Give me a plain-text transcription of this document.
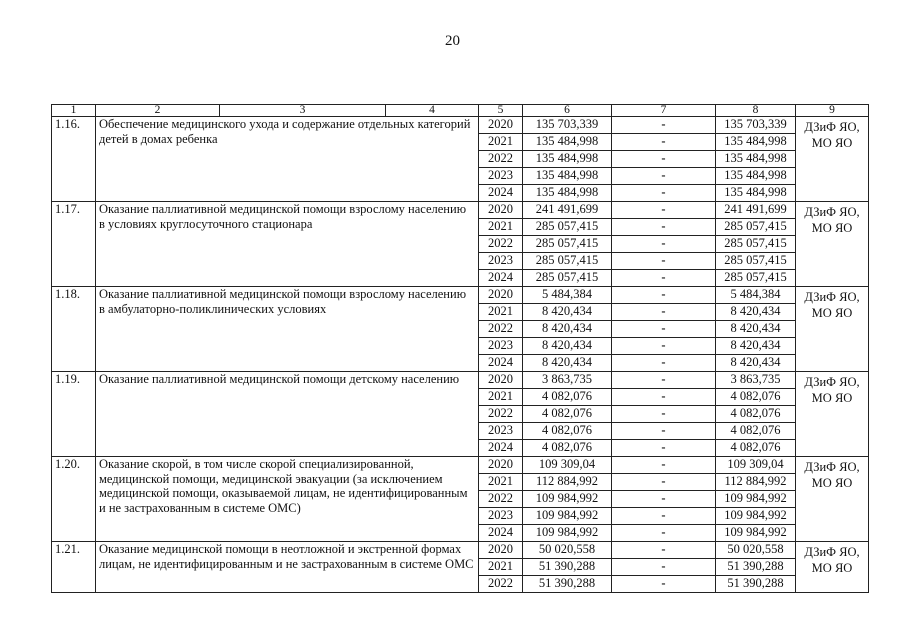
20
1	2	3	4	5	6	7	8	9
1.16.	Обеспечение медицинского ухода и содержание отдельных категорий детей в домах ребенка			2020	135 703,339	-	135 703,339	ДЗиФ ЯО, МО ЯО
				2021	135 484,998	-	135 484,998	
				2022	135 484,998	-	135 484,998	
				2023	135 484,998	-	135 484,998	
				2024	135 484,998	-	135 484,998	
1.17.	Оказание паллиативной медицинской помощи взрослому населению в условиях круглосуточного стационара			2020	241 491,699	-	241 491,699	ДЗиФ ЯО, МО ЯО
				2021	285 057,415	-	285 057,415	
				2022	285 057,415	-	285 057,415	
				2023	285 057,415	-	285 057,415	
				2024	285 057,415	-	285 057,415	
1.18.	Оказание паллиативной медицинской помощи взрослому населению в амбулаторно-поликлинических условиях			2020	5 484,384	-	5 484,384	ДЗиФ ЯО, МО ЯО
				2021	8 420,434	-	8 420,434	
				2022	8 420,434	-	8 420,434	
				2023	8 420,434	-	8 420,434	
				2024	8 420,434	-	8 420,434	
1.19.	Оказание паллиативной медицинской помощи детскому населению			2020	3 863,735	-	3 863,735	ДЗиФ ЯО, МО ЯО
				2021	4 082,076	-	4 082,076	
				2022	4 082,076	-	4 082,076	
				2023	4 082,076	-	4 082,076	
				2024	4 082,076	-	4 082,076	
1.20.	Оказание скорой, в том числе скорой специализированной, медицинской помощи, медицинской эвакуации (за исключением медицинской помощи, оказываемой лицам, не идентифицированным и не застрахованным в системе ОМС)			2020	109 309,04	-	109 309,04	ДЗиФ ЯО, МО ЯО
				2021	112 884,992	-	112 884,992	
				2022	109 984,992	-	109 984,992	
				2023	109 984,992	-	109 984,992	
				2024	109 984,992	-	109 984,992	
1.21.	Оказание медицинской помощи в неотложной и экстренной формах лицам, не идентифицированным и не застрахованным в системе ОМС			2020	50 020,558	-	50 020,558	ДЗиФ ЯО, МО ЯО
				2021	51 390,288	-	51 390,288	
				2022	51 390,288	-	51 390,288	
